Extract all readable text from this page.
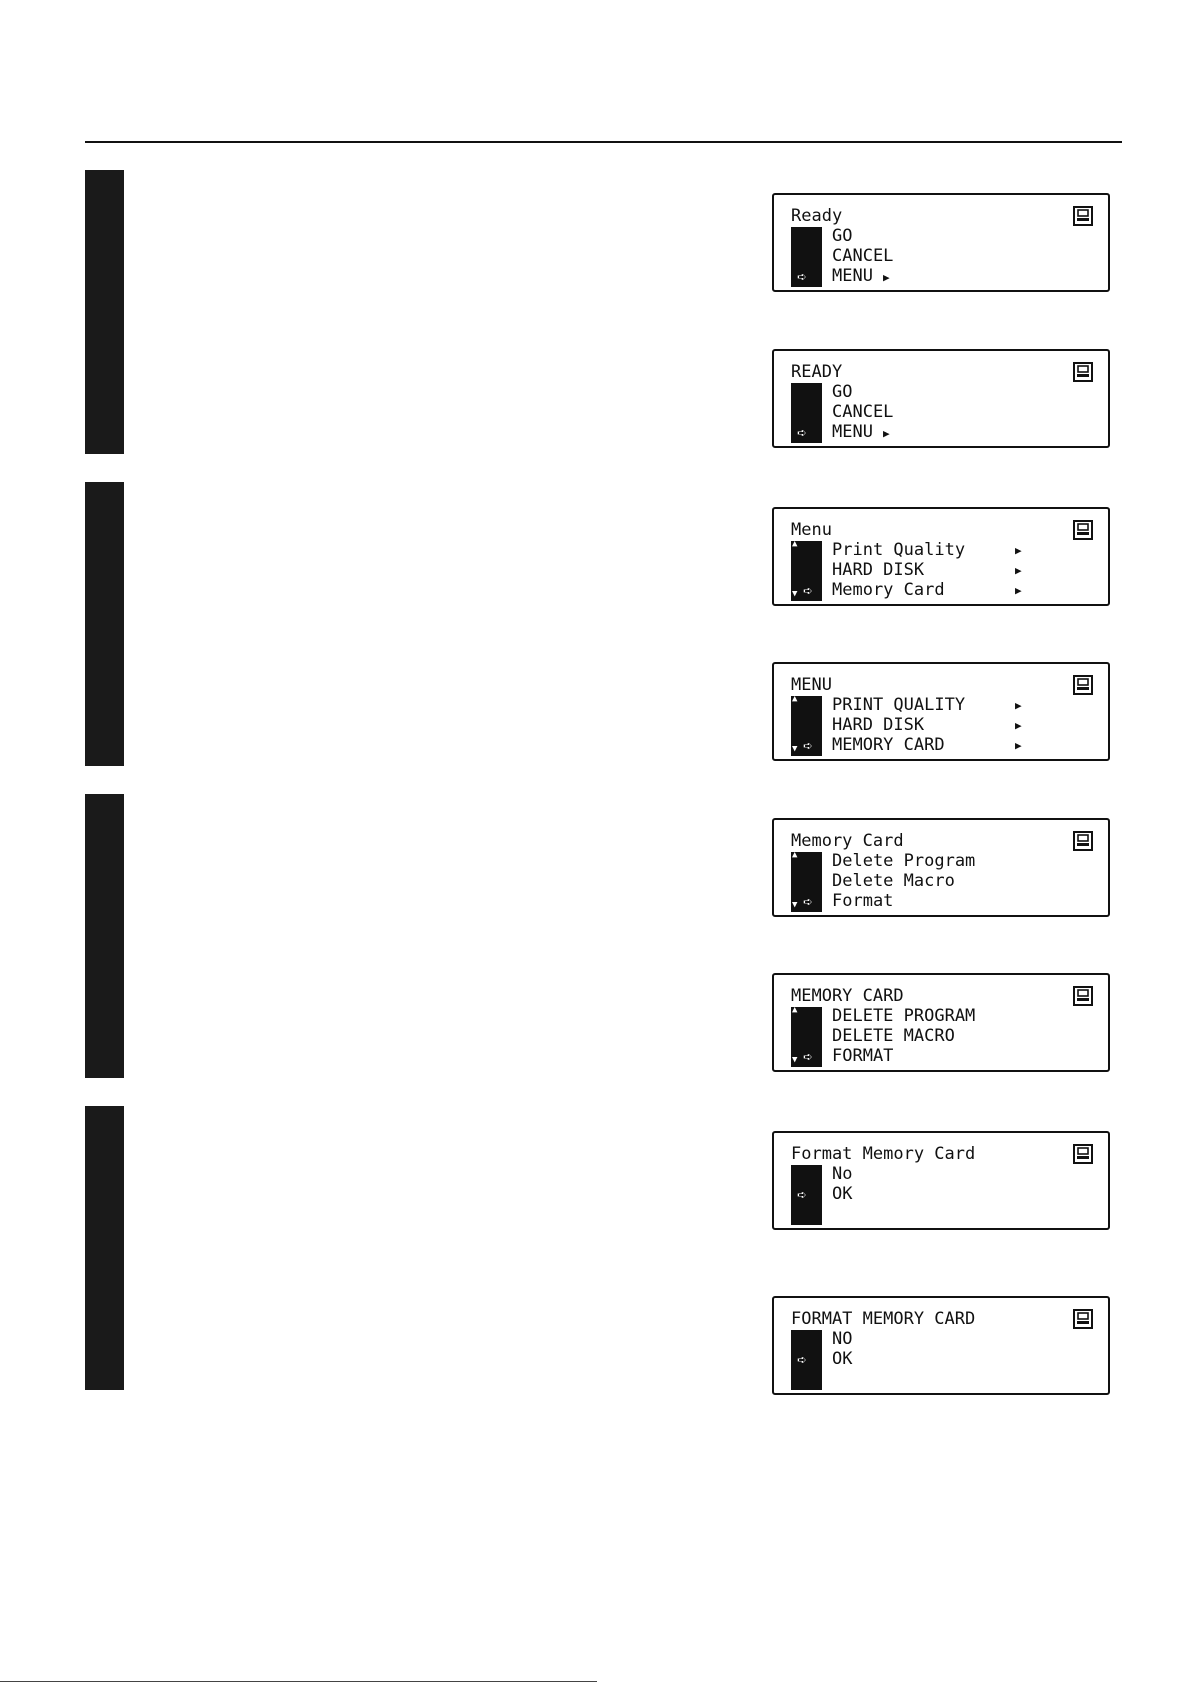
Ready
➪
GO
CANCEL
MENU ▶
READY
➪
GO
CANCEL
MENU ▶
Menu
▲
▼ ➪
Print Quality
HARD DISK
Memory Card
▶
▶
▶
MENU
▲
▼ ➪
PRINT QUALITY
HARD DISK
MEMORY CARD
▶
▶
▶
Memory Card
▲
▼ ➪
Delete Program
Delete Macro
Format
MEMORY CARD
▲
▼ ➪
DELETE PROGRAM
DELETE MACRO
FORMAT
Format Memory Card
➪
No
OK
FORMAT MEMORY CARD
➪
NO
OK
